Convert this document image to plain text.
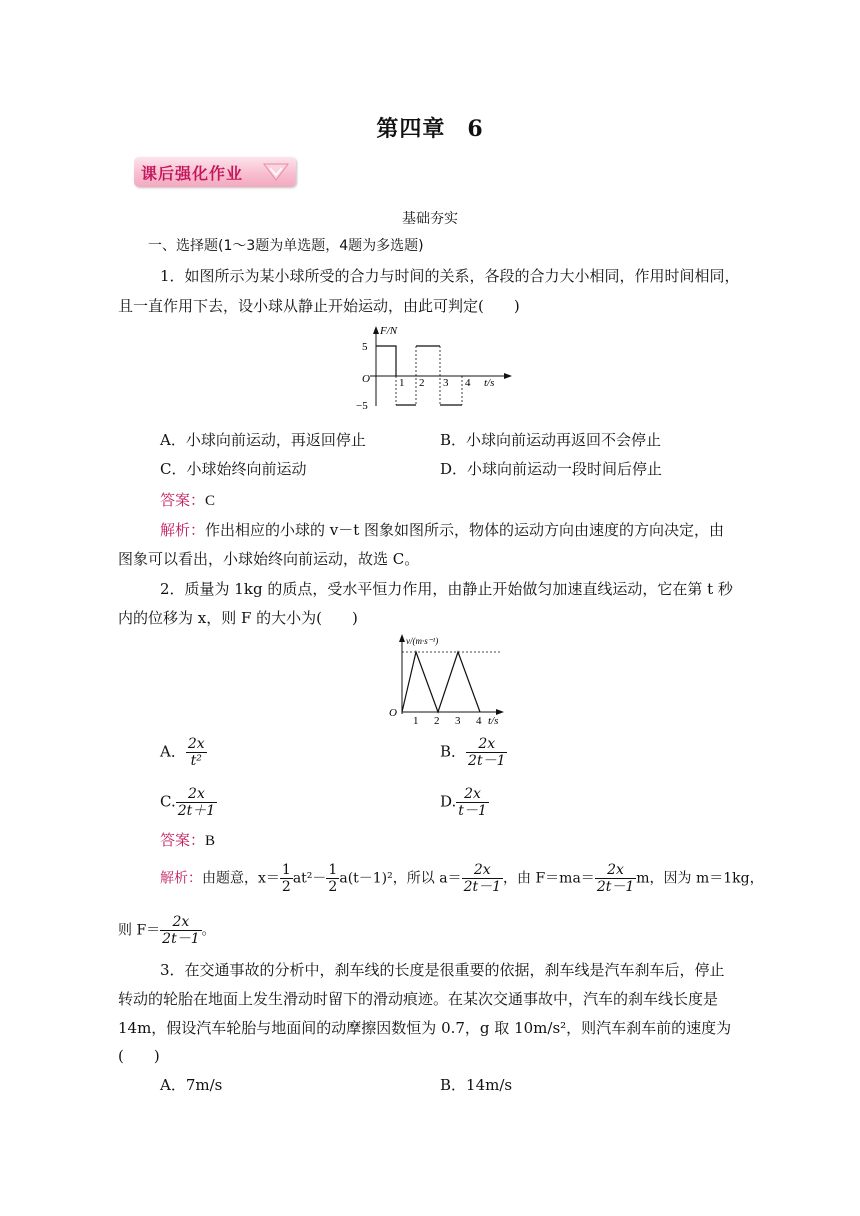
第四章 6
课后强化作业
基础夯实
一、选择题(1～3题为单选题，4题为多选题)
1．如图所示为某小球所受的合力与时间的关系，各段的合力大小相同，作用时间相同，
且一直作用下去，设小球从静止开始运动，由此可判定(　　)
F/N
5
−5
O	1 2 3 4 t/s
A．小球向前运动，再返回停止	B．小球向前运动再返回不会停止
C．小球始终向前运动	D．小球向前运动一段时间后停止
答案：C
解析：作出相应的小球的 v－t 图象如图所示，物体的运动方向由速度的方向决定，由
图象可以看出，小球始终向前运动，故选 C。
2．质量为 1kg 的质点，受水平恒力作用，由静止开始做匀加速直线运动，它在第 t 秒
内的位移为 x，则 F 的大小为(　　)
v/(m·s⁻¹)
O
1 2 3 4 t/s
A． $\frac{2x}{\text{t²}}$	B． $\frac{2x}{2t-1}$
C. $\frac{2x}{2t+1}$	D. $\frac{2x}{t-1}$
答案：B
解析：由题意，$x= \frac{1}{2} at^2- \frac{1}{2} a(t-1)^2$，所以 $a= \frac{2x}{2t-1}$ ，由 $F=ma= \frac{2x}{2t-1}$ m，因为 m＝1kg，
则 $F= \frac{2x}{2t-1}$ 。
3．在交通事故的分析中，刹车线的长度是很重要的依据，刹车线是汽车刹车后，停止
转动的轮胎在地面上发生滑动时留下的滑动痕迹。在某次交通事故中，汽车的刹车线长度是
14m，假设汽车轮胎与地面间的动摩擦因数恒为 0.7，g 取 10m/s²，则汽车刹车前的速度为
(　　)
A．7m/s	B．14m/s
